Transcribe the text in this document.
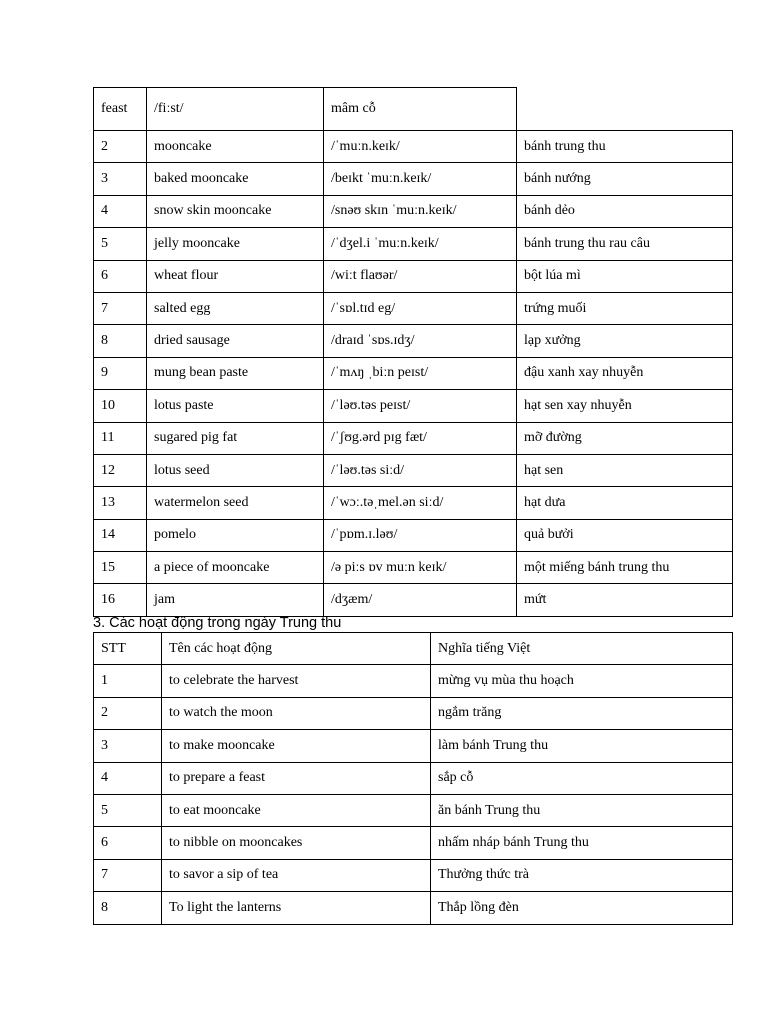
feast	/fiːst/	mâm cỗ	
2	mooncake	/ˈmuːn.keɪk/	bánh trung thu
3	baked mooncake	/beɪkt ˈmuːn.keɪk/	bánh nướng
4	snow skin mooncake	/snəʊ skɪn ˈmuːn.keɪk/	bánh dẻo
5	jelly mooncake	/ˈdʒel.i ˈmuːn.keɪk/	bánh trung thu rau câu
6	wheat flour	/wiːt flaʊər/	bột lúa mì
7	salted egg	/ˈsɒl.tɪd eg/	trứng muối
8	dried sausage	/draɪd ˈsɒs.ɪdʒ/	lạp xưởng
9	mung bean paste	/ˈmʌŋ ˌbiːn peɪst/	đậu xanh xay nhuyễn
10	lotus paste	/ˈləʊ.təs peɪst/	hạt sen xay nhuyễn
11	sugared pig fat	/ˈʃʊg.ərd pɪg fæt/	mỡ đường
12	lotus seed	/ˈləʊ.təs siːd/	hạt sen
13	watermelon seed	/ˈwɔː.təˌmel.ən siːd/	hạt dưa
14	pomelo	/ˈpɒm.ɪ.ləʊ/	quả bưởi
15	a piece of mooncake	/ə piːs ɒv muːn keɪk/	một miếng bánh trung thu
16	jam	/dʒæm/	mứt
3. Các hoạt động trong ngày Trung thu
STT	Tên các hoạt động	Nghĩa tiếng Việt
1	to celebrate the harvest	mừng vụ mùa thu hoạch
2	to watch the moon	ngắm trăng
3	to make mooncake	làm bánh Trung thu
4	to prepare a feast	sắp cỗ
5	to eat mooncake	ăn bánh Trung thu
6	to nibble on mooncakes	nhấm nháp bánh Trung thu
7	to savor a sip of tea	Thưởng thức trà
8	To light the lanterns	Thắp lồng đèn
